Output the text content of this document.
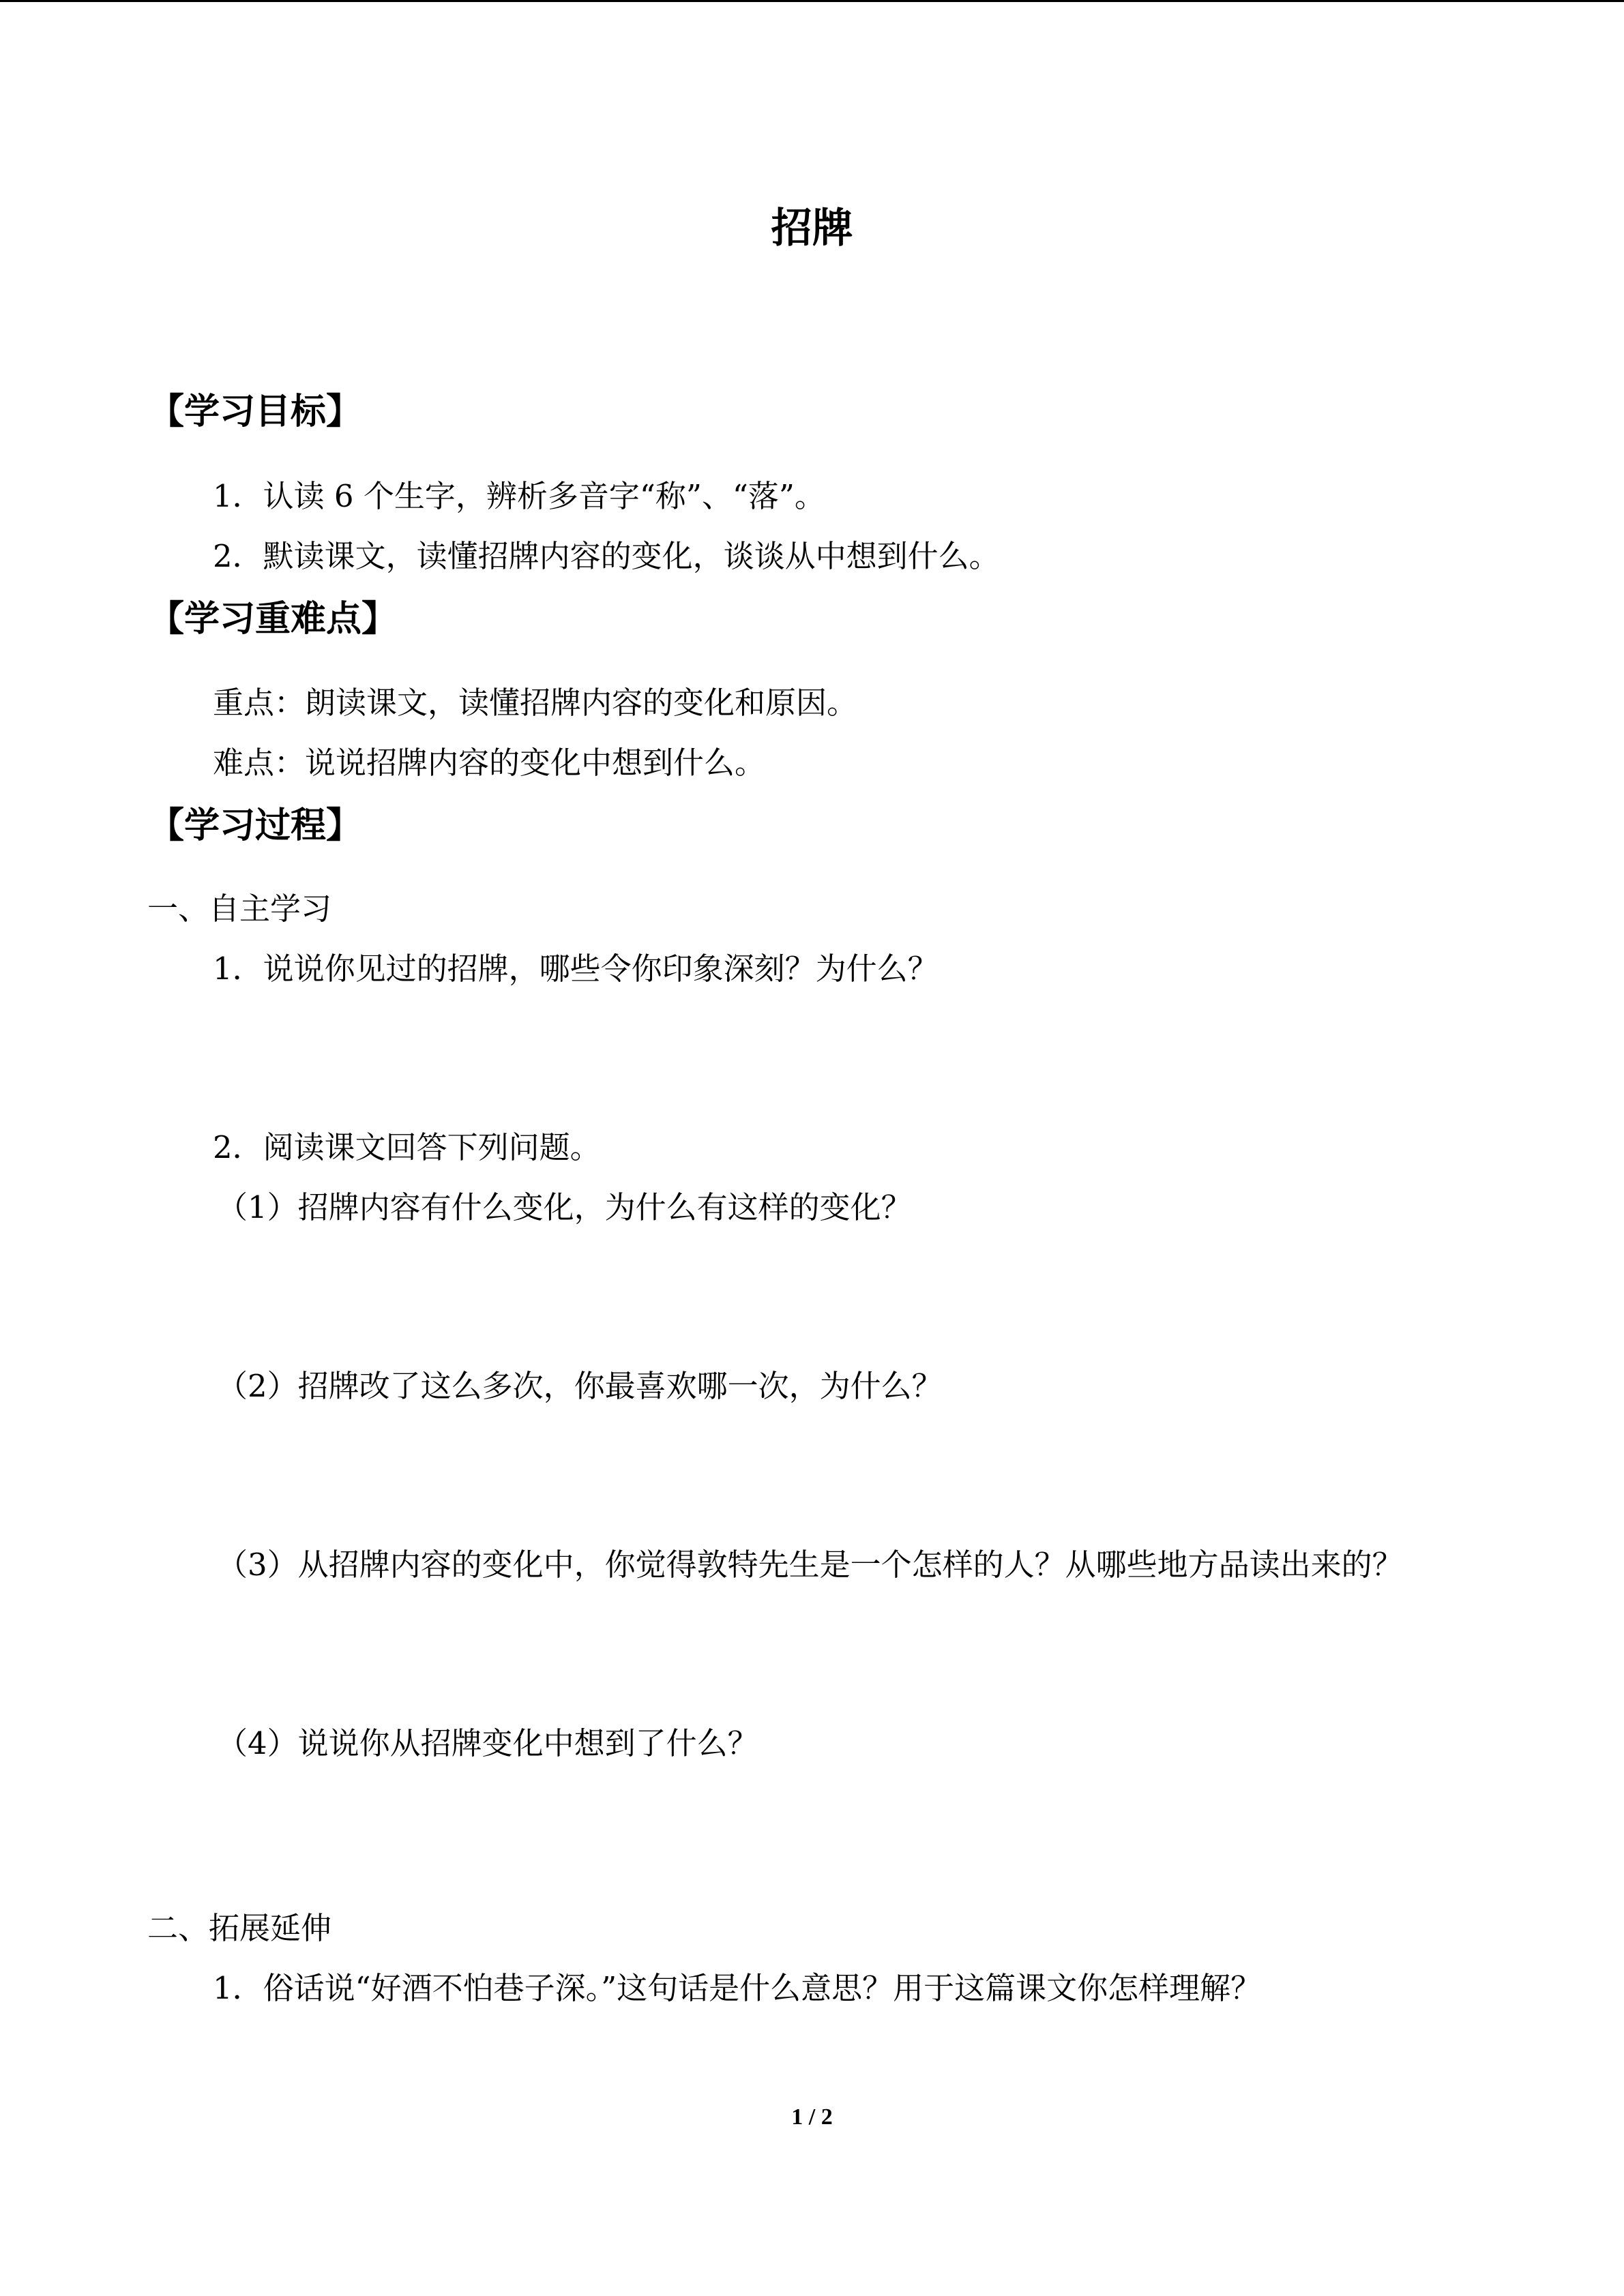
招牌
【学习目标】
1．认读 6 个生字，辨析多音字“称”、“落”。
2．默读课文，读懂招牌内容的变化，谈谈从中想到什么。
【学习重难点】
重点：朗读课文，读懂招牌内容的变化和原因。
难点：说说招牌内容的变化中想到什么。
【学习过程】
一、自主学习
1．说说你见过的招牌，哪些令你印象深刻？为什么？
2．阅读课文回答下列问题。
（1）招牌内容有什么变化，为什么有这样的变化？
（2）招牌改了这么多次，你最喜欢哪一次，为什么？
（3）从招牌内容的变化中，你觉得敦特先生是一个怎样的人？从哪些地方品读出来的？
（4）说说你从招牌变化中想到了什么？
二、拓展延伸
1．俗话说“好酒不怕巷子深。”这句话是什么意思？用于这篇课文你怎样理解？
1 / 2
